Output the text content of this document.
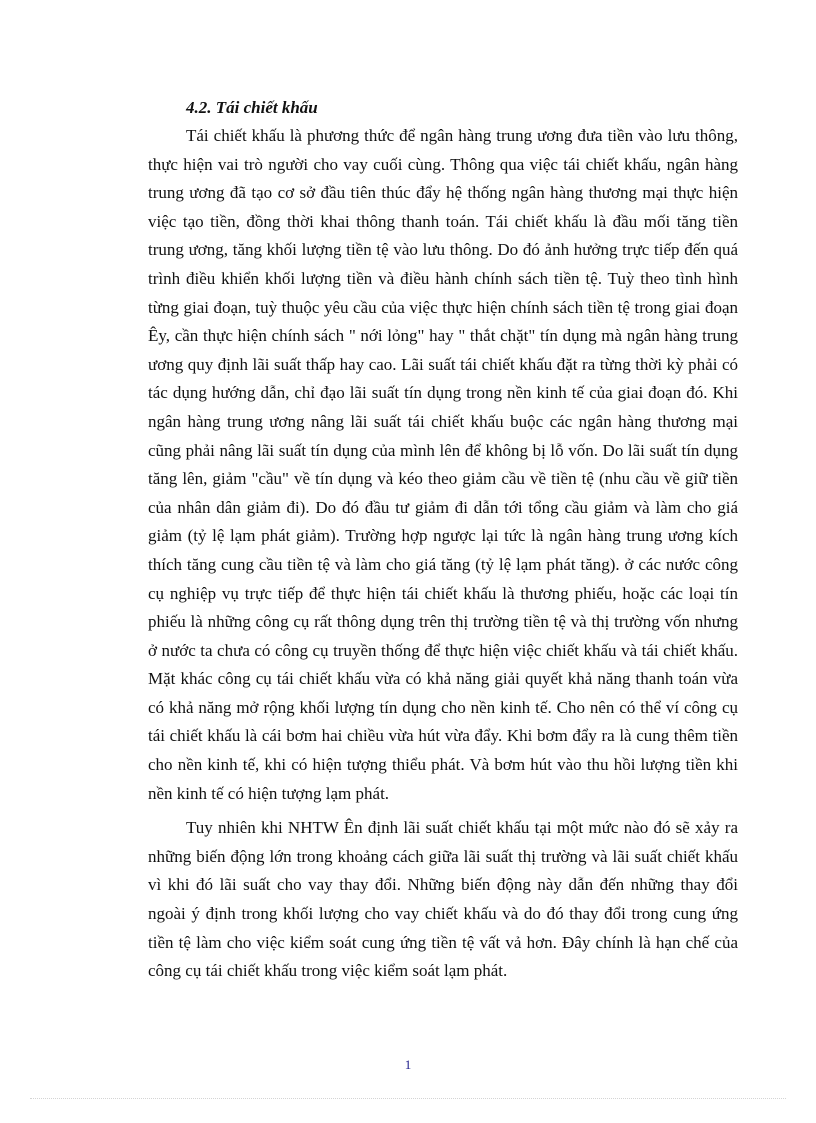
4.2. Tái chiết khấu

Tái chiết khấu là phương thức để ngân hàng trung ương đưa tiền vào lưu thông, thực hiện vai trò người cho vay cuối cùng. Thông qua việc tái chiết khấu, ngân hàng trung ương đã tạo cơ sở đầu tiên thúc đẩy hệ thống ngân hàng thương mại thực hiện việc tạo tiền, đồng thời khai thông thanh toán. Tái chiết khấu là đầu mối tăng tiền trung ương, tăng khối lượng tiền tệ vào lưu thông. Do đó ảnh hưởng trực tiếp đến quá trình điều khiển khối lượng tiền và điều hành chính sách tiền tệ. Tuỳ theo tình hình từng giai đoạn, tuỳ thuộc yêu cầu của việc thực hiện chính sách tiền tệ trong giai đoạn Êy, cần thực hiện chính sách " nới lỏng" hay " thắt chặt" tín dụng mà ngân hàng trung ương quy định lãi suất thấp hay cao. Lãi suất tái chiết khấu đặt ra từng thời kỳ phải có tác dụng hướng dẫn, chỉ đạo lãi suất tín dụng trong nền kinh tế của giai đoạn đó. Khi ngân hàng trung ương nâng lãi suất tái chiết khấu buộc các ngân hàng thương mại cũng phải nâng lãi suất tín dụng của mình lên để không bị lỗ vốn. Do lãi suất tín dụng tăng lên, giảm "cầu" về tín dụng và kéo theo giảm cầu về tiền tệ (nhu cầu về giữ tiền của nhân dân giảm đi). Do đó đầu tư giảm đi dẫn tới tổng cầu giảm và làm cho giá giảm (tỷ lệ lạm phát giảm). Trường hợp ngược lại tức là ngân hàng trung ương kích thích tăng cung cầu tiền tệ và làm cho giá tăng (tỷ lệ lạm phát tăng). ở các nước công cụ nghiệp vụ trực tiếp để thực hiện tái chiết khấu là thương phiếu, hoặc các loại tín phiếu là những công cụ rất thông dụng trên thị trường tiền tệ và thị trường vốn nhưng ở nước ta chưa có công cụ truyền thống để thực hiện việc chiết khấu và tái chiết khấu. Mặt khác công cụ tái chiết khấu vừa có khả năng giải quyết khả năng thanh toán vừa có khả năng mở rộng khối lượng tín dụng cho nền kinh tế. Cho nên có thể ví công cụ tái chiết khấu là cái bơm hai chiều vừa hút vừa đẩy. Khi bơm đẩy ra là cung thêm tiền cho nền kinh tế, khi có hiện tượng thiểu phát. Và bơm hút vào thu hồi lượng tiền khi nền kinh tế có hiện tượng lạm phát.

Tuy nhiên khi NHTW Ên định lãi suất chiết khấu tại một mức nào đó sẽ xảy ra những biến động lớn trong khoảng cách giữa lãi suất thị trường và lãi suất chiết khấu vì khi đó lãi suất cho vay thay đổi. Những biến động này dẫn đến những thay đổi ngoài ý định trong khối lượng cho vay chiết khấu và do đó thay đổi trong cung ứng tiền tệ làm cho việc kiểm soát cung ứng tiền tệ vất vả hơn. Đây chính là hạn chế của công cụ tái chiết khấu trong việc kiểm soát lạm phát.

1
